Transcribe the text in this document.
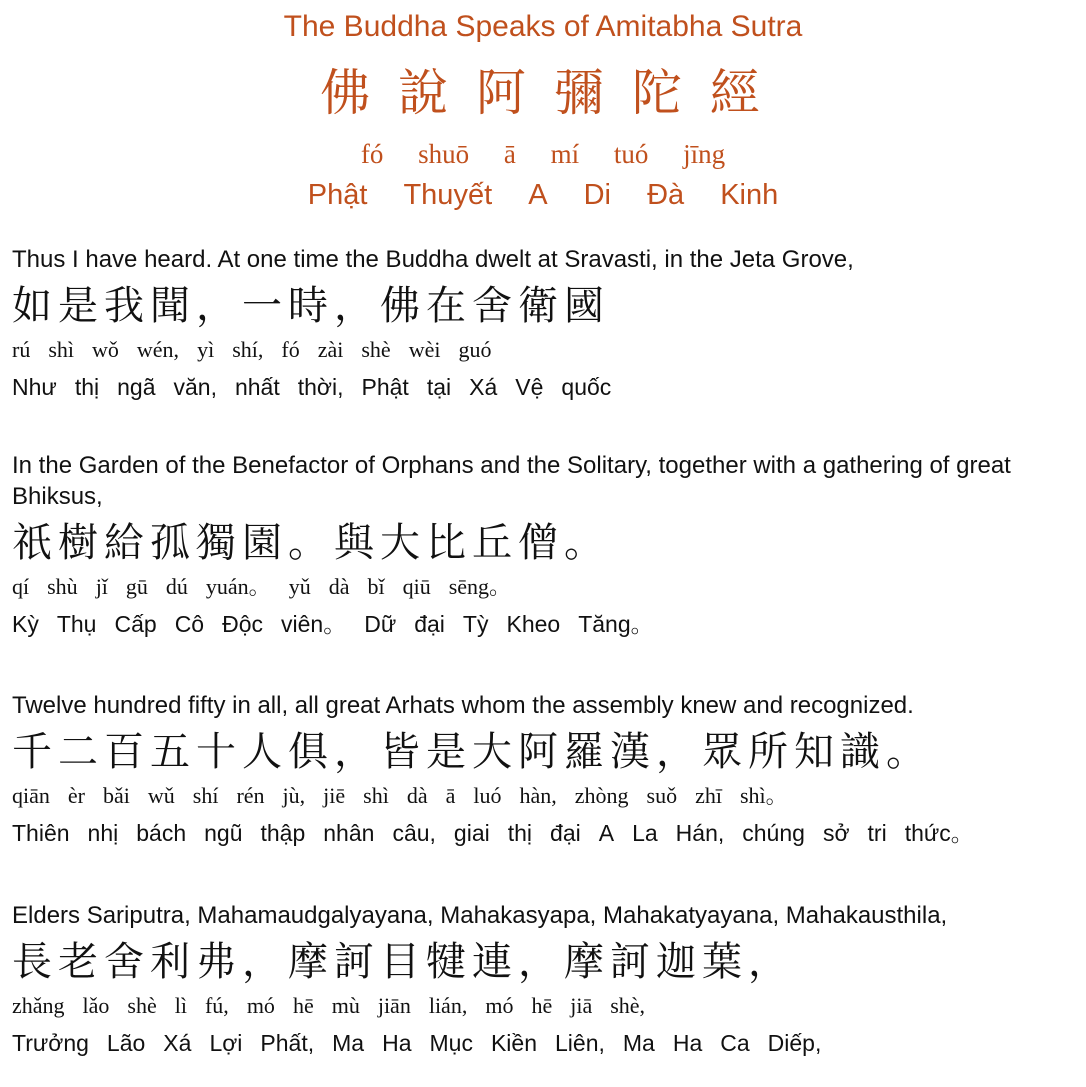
The Buddha Speaks of Amitabha Sutra
佛 說 阿 彌 陀 經
fó shuō ā mí tuó jīng
Phật Thuyết A Di Đà Kinh

Thus I have heard. At one time the Buddha dwelt at Sravasti, in the Jeta Grove,

如是我聞，一時，佛在舍衛國

rú shì wǒ wén, yì shí, fó zài shè wèi guó

Như thị ngã văn, nhất thời, Phật tại Xá Vệ quốc

In the Garden of the Benefactor of Orphans and the Solitary, together with a gathering of great Bhiksus,

祇樹給孤獨園。與大比丘僧。

qí shù jǐ gū dú yuán。 yǔ dà bǐ qiū sēng。

Kỳ Thụ Cấp Cô Độc viên。 Dữ đại Tỳ Kheo Tăng。

Twelve hundred fifty in all, all great Arhats whom the assembly knew and recognized.

千二百五十人俱，皆是大阿羅漢，眾所知識。

qiān èr bǎi wǔ shí rén jù, jiē shì dà ā luó hàn, zhòng suǒ zhī shì。

Thiên nhị bách ngũ thập nhân câu, giai thị đại A La Hán, chúng sở tri thức。

Elders Sariputra, Mahamaudgalyayana, Mahakasyapa, Mahakatyayana, Mahakausthila,

長老舍利弗，摩訶目犍連，摩訶迦葉，

zhǎng lǎo shè lì fú, mó hē mù jiān lián, mó hē jiā shè,

Trưởng Lão Xá Lợi Phất, Ma Ha Mục Kiền Liên, Ma Ha Ca Diếp,
